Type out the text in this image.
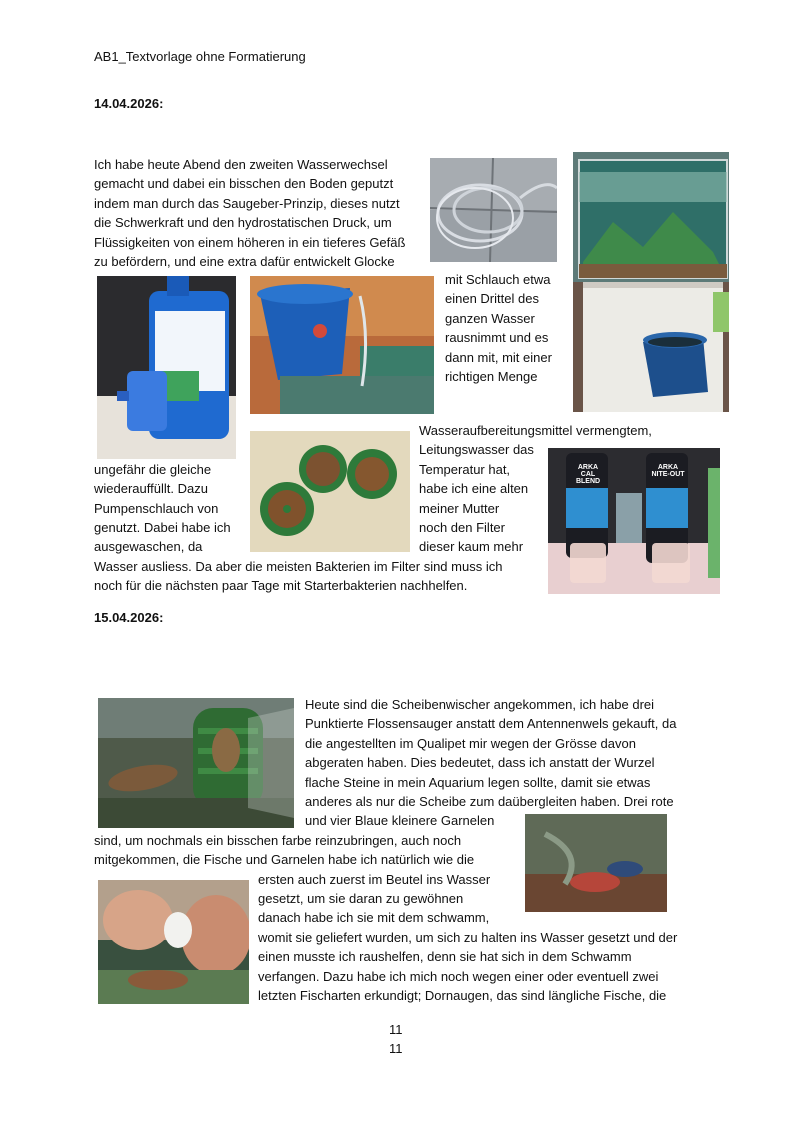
AB1_Textvorlage ohne Formatierung
14.04.2026:
Ich habe heute Abend den zweiten Wasserwechsel
gemacht und dabei ein bisschen den Boden geputzt
indem man durch das Saugeber-Prinzip, dieses nutzt
die Schwerkraft und den hydrostatischen Druck, um
Flüssigkeiten von einem höheren in ein tieferes Gefäß
zu befördern, und eine extra dafür entwickelt Glocke
mit Schlauch etwa
einen Drittel des
ganzen Wasser
rausnimmt und es
dann mit, mit einer
richtigen Menge
Wasseraufbereitungsmittel vermengtem,
Leitungswasser das
Temperatur hat,
habe ich eine alten
meiner Mutter
noch den Filter
dieser kaum mehr
ungefähr die gleiche
wiederauffüllt. Dazu
Pumpenschlauch von
genutzt. Dabei habe ich
ausgewaschen, da
Wasser ausliess. Da aber die meisten Bakterien im Filter sind muss ich
noch für die nächsten paar Tage mit Starterbakterien nachhelfen.
ARKA
CAL BLEND
ARKA
NITE-OUT
15.04.2026:
Heute sind die Scheibenwischer angekommen, ich habe drei
Punktierte Flossensauger anstatt dem Antennenwels gekauft, da
die angestellten im Qualipet mir wegen der Grösse davon
abgeraten haben. Dies bedeutet, dass ich anstatt der Wurzel
flache Steine in mein Aquarium legen sollte, damit sie etwas
anderes als nur die Scheibe zum daübergleiten haben. Drei rote
und vier Blaue kleinere Garnelen
sind, um nochmals ein bisschen farbe reinzubringen, auch noch
mitgekommen, die Fische und Garnelen habe ich natürlich wie die
ersten auch zuerst im Beutel ins Wasser
gesetzt, um sie daran zu gewöhnen
danach habe ich sie mit dem schwamm,
womit sie geliefert wurden, um sich zu halten ins Wasser gesetzt und der
einen musste ich raushelfen, denn sie hat sich in dem Schwamm
verfangen. Dazu habe ich mich noch wegen einer oder eventuell zwei
letzten Fischarten erkundigt; Dornaugen, das sind längliche Fische, die
11
11
